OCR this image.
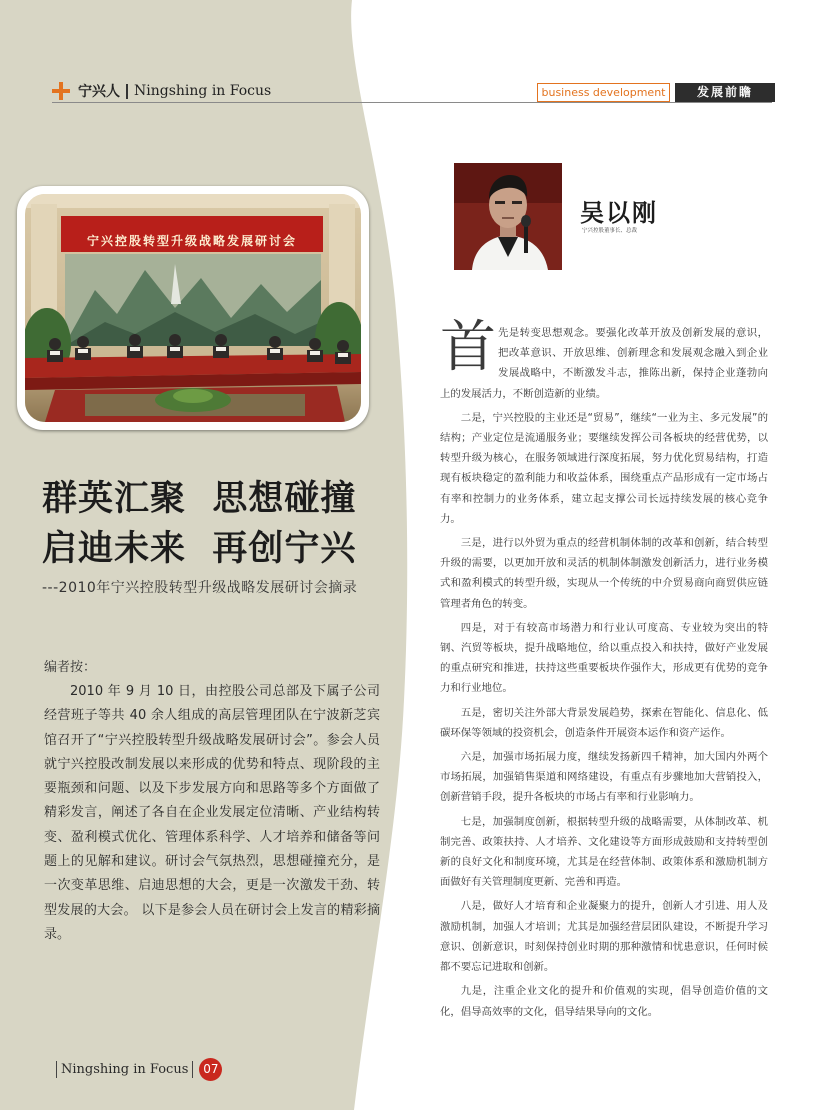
宁兴人 Ningshing in Focus	business development	发展前瞻
宁兴控股转型升级战略发展研讨会
群英汇聚  思想碰撞
启迪未来  再创宁兴
---2010年宁兴控股转型升级战略发展研讨会摘录
编者按：
2010 年 9 月 10 日，由控股公司总部及下属子公司经营班子等共 40 余人组成的高层管理团队在宁波新芝宾馆召开了“宁兴控股转型升级战略发展研讨会”。参会人员就宁兴控股改制发展以来形成的优势和特点、现阶段的主要瓶颈和问题、以及下步发展方向和思路等多个方面做了精彩发言，阐述了各自在企业发展定位清晰、产业结构转变、盈利模式优化、管理体系科学、人才培养和储备等问题上的见解和建议。研讨会气氛热烈，思想碰撞充分，是一次变革思维、启迪思想的大会，更是一次激发干劲、转型发展的大会。 以下是参会人员在研讨会上发言的精彩摘录。
吴以刚
宁兴控股董事长、总裁
首 先是转变思想观念。要强化改革开放及创新发展的意识，把改革意识、开放思维、创新理念和发展观念融入到企业发展战略中，不断激发斗志，推陈出新，保持企业蓬勃向上的发展活力，不断创造新的业绩。

二是，宁兴控股的主业还是“贸易”，继续“一业为主、多元发展”的结构；产业定位是流通服务业；要继续发挥公司各板块的经营优势，以转型升级为核心，在服务领域进行深度拓展，努力优化贸易结构，打造现有板块稳定的盈利能力和收益体系，围绕重点产品形成有一定市场占有率和控制力的业务体系，建立起支撑公司长远持续发展的核心竞争力。

三是，进行以外贸为重点的经营机制体制的改革和创新，结合转型升级的需要，以更加开放和灵活的机制体制激发创新活力，进行业务模式和盈利模式的转型升级，实现从一个传统的中介贸易商向商贸供应链管理者角色的转变。

四是，对于有较高市场潜力和行业认可度高、专业较为突出的特钢、汽贸等板块，提升战略地位，给以重点投入和扶持，做好产业发展的重点研究和推进，扶持这些重要板块作强作大，形成更有优势的竞争力和行业地位。

五是，密切关注外部大背景发展趋势，探索在智能化、信息化、低碳环保等领域的投资机会，创造条件开展资本运作和资产运作。

六是，加强市场拓展力度，继续发扬新四千精神，加大国内外两个市场拓展，加强销售渠道和网络建设，有重点有步骤地加大营销投入，创新营销手段，提升各板块的市场占有率和行业影响力。

七是，加强制度创新，根据转型升级的战略需要，从体制改革、机制完善、政策扶持、人才培养、文化建设等方面形成鼓励和支持转型创新的良好文化和制度环境，尤其是在经营体制、政策体系和激励机制方面做好有关管理制度更新、完善和再造。

八是，做好人才培育和企业凝聚力的提升，创新人才引进、用人及激励机制，加强人才培训；尤其是加强经营层团队建设，不断提升学习意识、创新意识，时刻保持创业时期的那种激情和忧患意识，任何时候都不要忘记进取和创新。

九是，注重企业文化的提升和价值观的实现，倡导创造价值的文化，倡导高效率的文化，倡导结果导向的文化。

Ningshing in Focus	07
